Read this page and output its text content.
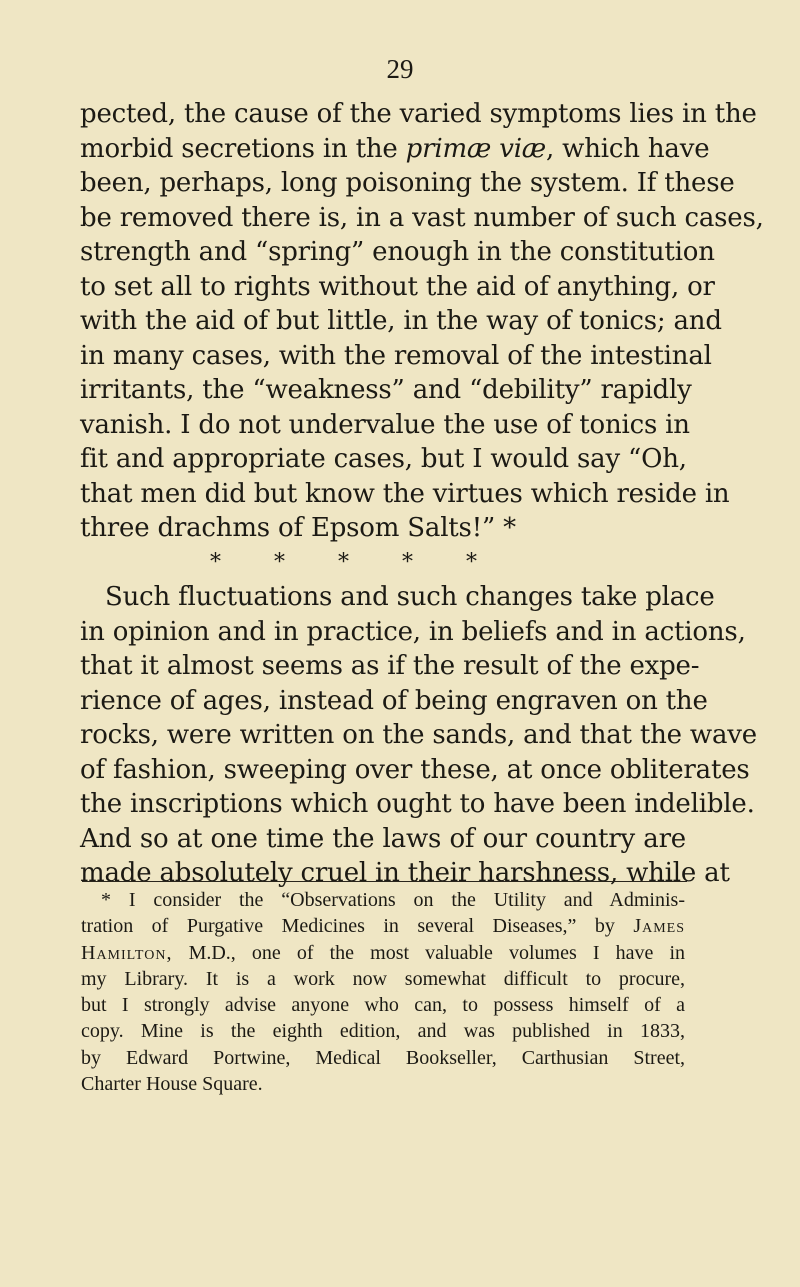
29
pected, the cause of the varied symptoms lies in the
morbid secretions in the primæ viæ, which have
been, perhaps, long poisoning the system. If these
be removed there is, in a vast number of such cases,
strength and “spring” enough in the constitution
to set all to rights without the aid of anything, or
with the aid of but little, in the way of tonics; and
in many cases, with the removal of the intestinal
irritants, the “weakness” and “debility” rapidly
vanish. I do not undervalue the use of tonics in
fit and appropriate cases, but I would say “Oh,
that men did but know the virtues which reside in
three drachms of Epsom Salts!” *
* * * * *
Such fluctuations and such changes take place
in opinion and in practice, in beliefs and in actions,
that it almost seems as if the result of the expe-
rience of ages, instead of being engraven on the
rocks, were written on the sands, and that the wave
of fashion, sweeping over these, at once obliterates
the inscriptions which ought to have been indelible.
And so at one time the laws of our country are
made absolutely cruel in their harshness, while at
* I consider the “Observations on the Utility and Adminis-
tration of Purgative Medicines in several Diseases,” by James
Hamilton, M.D., one of the most valuable volumes I have in
my Library. It is a work now somewhat difficult to procure,
but I strongly advise anyone who can, to possess himself of a
copy. Mine is the eighth edition, and was published in 1833,
by Edward Portwine, Medical Bookseller, Carthusian Street,
Charter House Square.
